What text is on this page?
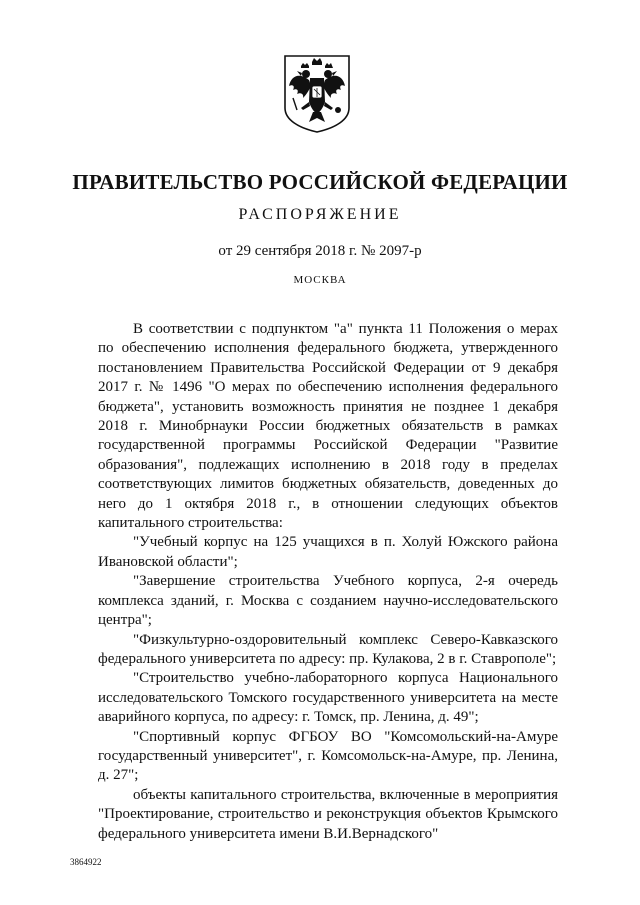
ПРАВИТЕЛЬСТВО РОССИЙСКОЙ ФЕДЕРАЦИИ
РАСПОРЯЖЕНИЕ
от 29 сентября 2018 г. № 2097-р
МОСКВА

В соответствии с подпунктом "а" пункта 11 Положения о мерах по обеспечению исполнения федерального бюджета, утвержденного постановлением Правительства Российской Федерации от 9 декабря 2017 г. № 1496 "О мерах по обеспечению исполнения федерального бюджета", установить возможность принятия не позднее 1 декабря 2018 г. Минобрнауки России бюджетных обязательств в рамках государственной программы Российской Федерации "Развитие образования", подлежащих исполнению в 2018 году в пределах соответствующих лимитов бюджетных обязательств, доведенных до него до 1 октября 2018 г., в отношении следующих объектов капитального строительства:

"Учебный корпус на 125 учащихся в п. Холуй Южского района Ивановской области";

"Завершение строительства Учебного корпуса, 2-я очередь комплекса зданий, г. Москва с созданием научно-исследовательского центра";

"Физкультурно-оздоровительный комплекс Северо-Кавказского федерального университета по адресу: пр. Кулакова, 2 в г. Ставрополе";

"Строительство учебно-лабораторного корпуса Национального исследовательского Томского государственного университета на месте аварийного корпуса, по адресу: г. Томск, пр. Ленина, д. 49";

"Спортивный корпус ФГБОУ ВО "Комсомольский-на-Амуре государственный университет", г. Комсомольск-на-Амуре, пр. Ленина, д. 27";

объекты капитального строительства, включенные в мероприятия "Проектирование, строительство и реконструкция объектов Крымского федерального университета имени В.И.Вернадского"

3864922
